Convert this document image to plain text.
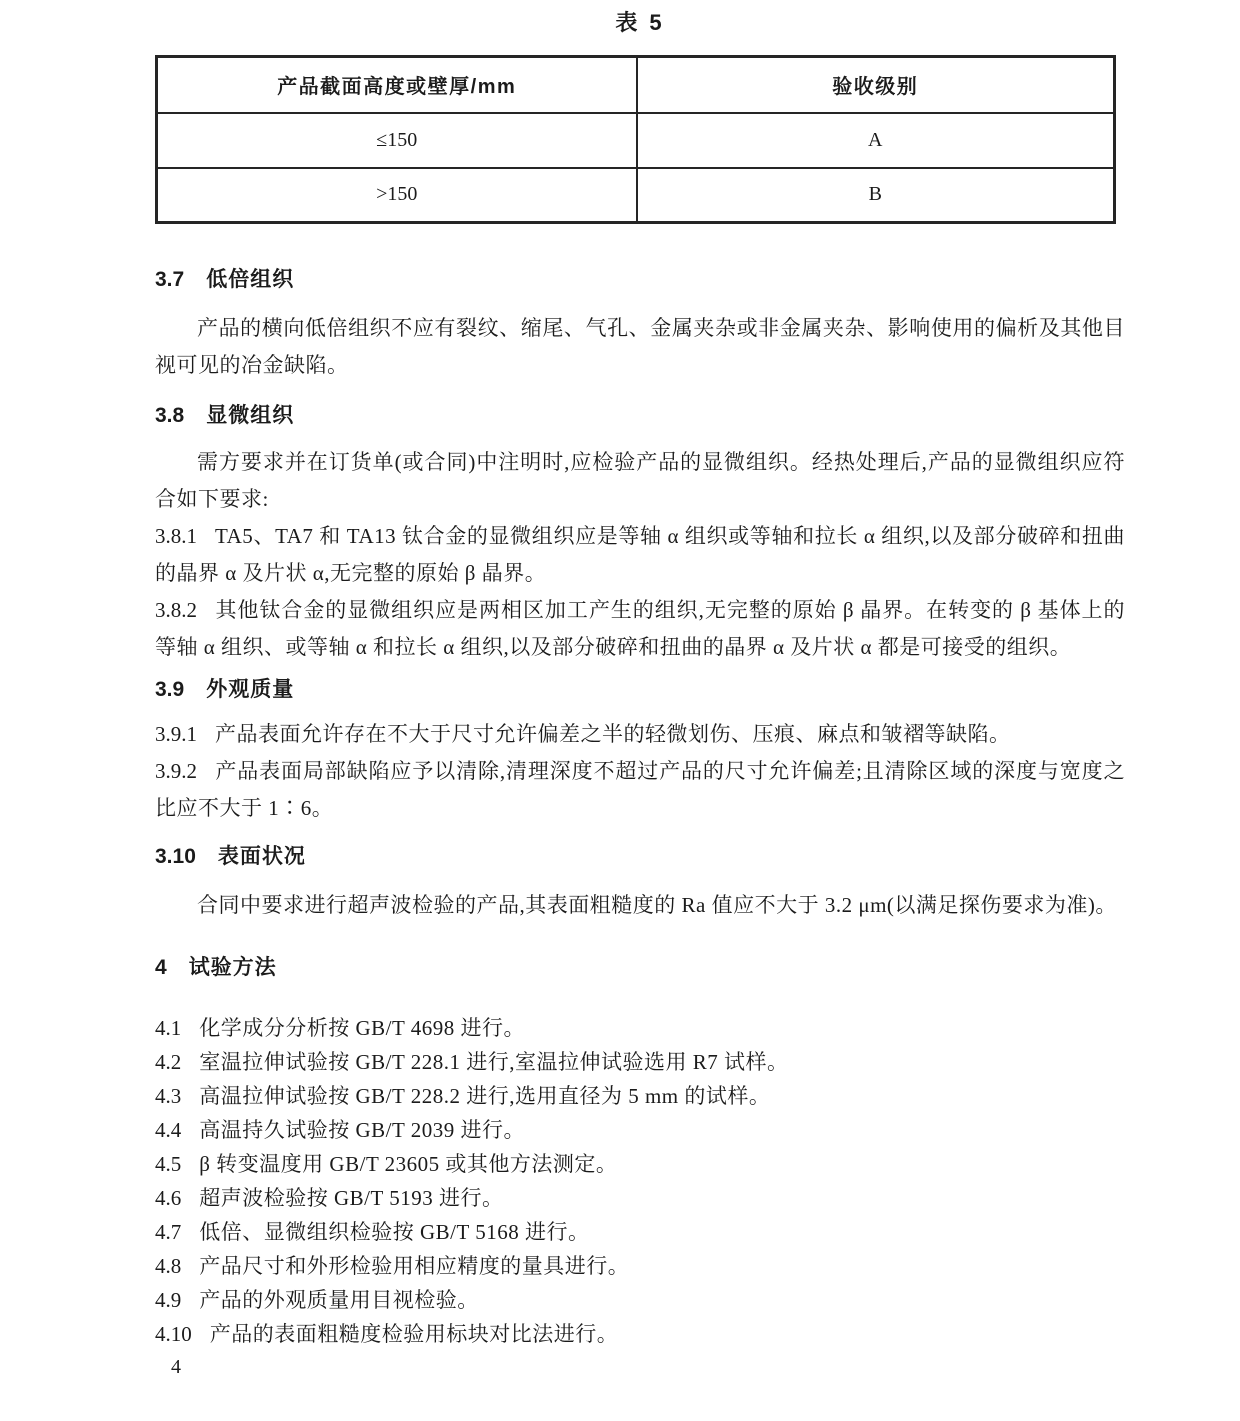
表 5
产品截面高度或壁厚/mm	验收级别
≤150	A
>150	B
3.7 低倍组织

产品的横向低倍组织不应有裂纹、缩尾、气孔、金属夹杂或非金属夹杂、影响使用的偏析及其他目视可见的冶金缺陷。

3.8 显微组织

需方要求并在订货单(或合同)中注明时,应检验产品的显微组织。经热处理后,产品的显微组织应符合如下要求:

3.8.1 TA5、TA7 和 TA13 钛合金的显微组织应是等轴 α 组织或等轴和拉长 α 组织,以及部分破碎和扭曲的晶界 α 及片状 α,无完整的原始 β 晶界。

3.8.2 其他钛合金的显微组织应是两相区加工产生的组织,无完整的原始 β 晶界。在转变的 β 基体上的等轴 α 组织、或等轴 α 和拉长 α 组织,以及部分破碎和扭曲的晶界 α 及片状 α 都是可接受的组织。

3.9 外观质量

3.9.1 产品表面允许存在不大于尺寸允许偏差之半的轻微划伤、压痕、麻点和皱褶等缺陷。

3.9.2 产品表面局部缺陷应予以清除,清理深度不超过产品的尺寸允许偏差;且清除区域的深度与宽度之比应不大于 1∶6。

3.10 表面状况

合同中要求进行超声波检验的产品,其表面粗糙度的 Ra 值应不大于 3.2 μm(以满足探伤要求为准)。

4 试验方法

4.1 化学成分分析按 GB/T 4698 进行。

4.2 室温拉伸试验按 GB/T 228.1 进行,室温拉伸试验选用 R7 试样。

4.3 高温拉伸试验按 GB/T 228.2 进行,选用直径为 5 mm 的试样。

4.4 高温持久试验按 GB/T 2039 进行。

4.5 β 转变温度用 GB/T 23605 或其他方法测定。

4.6 超声波检验按 GB/T 5193 进行。

4.7 低倍、显微组织检验按 GB/T 5168 进行。

4.8 产品尺寸和外形检验用相应精度的量具进行。

4.9 产品的外观质量用目视检验。

4.10 产品的表面粗糙度检验用标块对比法进行。

4
